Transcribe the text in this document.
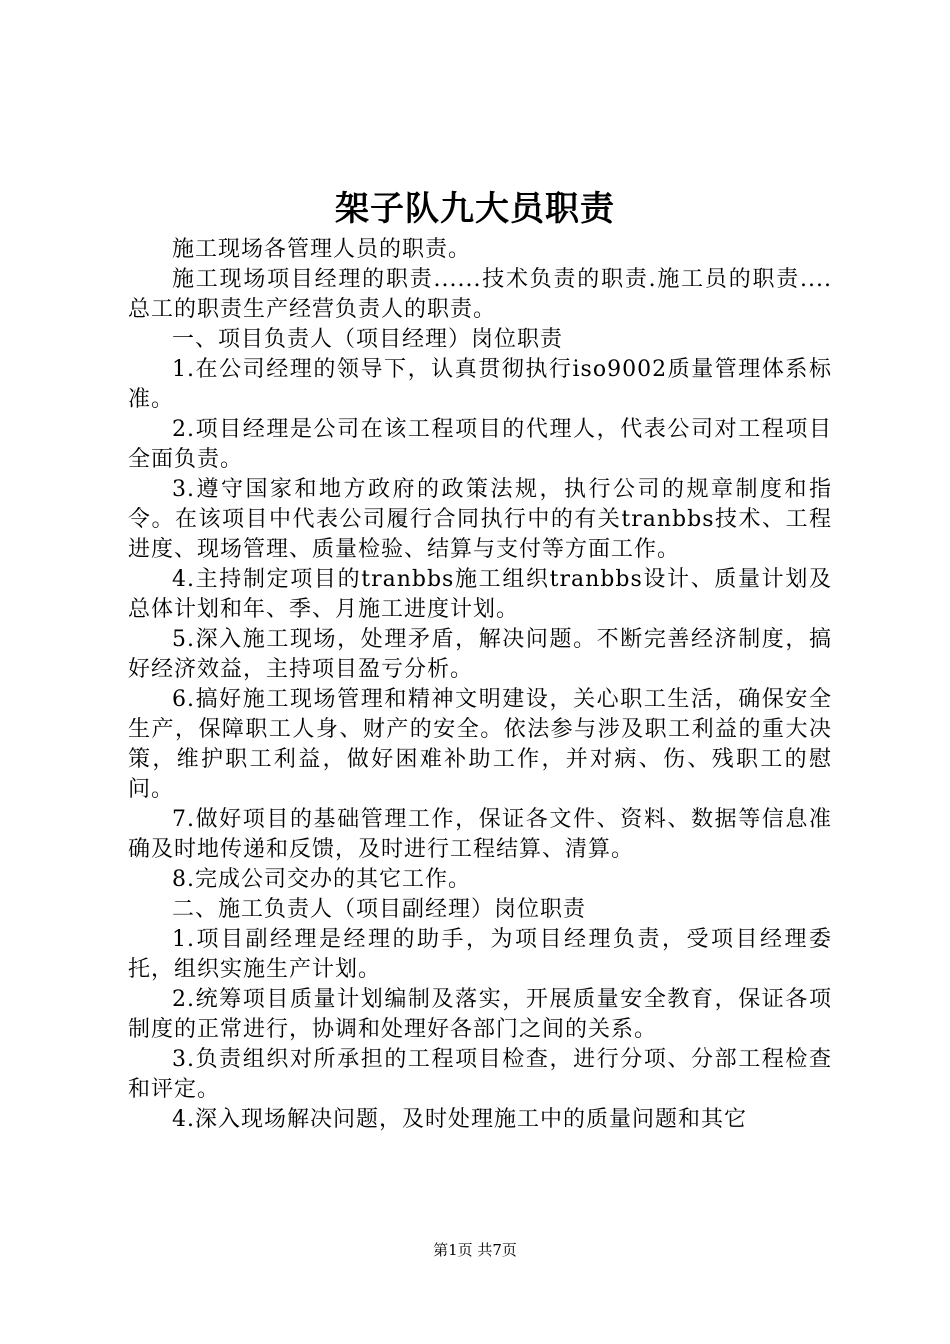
架子队九大员职责

施工现场各管理人员的职责。

施工现场项目经理的职责......技术负责的职责.施工员的职责....总工的职责生产经营负责人的职责。

一、项目负责人（项目经理）岗位职责

1.在公司经理的领导下，认真贯彻执行iso9002质量管理体系标准。

2.项目经理是公司在该工程项目的代理人，代表公司对工程项目全面负责。

3.遵守国家和地方政府的政策法规，执行公司的规章制度和指令。在该项目中代表公司履行合同执行中的有关tranbbs技术、工程进度、现场管理、质量检验、结算与支付等方面工作。

4.主持制定项目的tranbbs施工组织tranbbs设计、质量计划及总体计划和年、季、月施工进度计划。

5.深入施工现场，处理矛盾，解决问题。不断完善经济制度，搞好经济效益，主持项目盈亏分析。

6.搞好施工现场管理和精神文明建设，关心职工生活，确保安全生产，保障职工人身、财产的安全。依法参与涉及职工利益的重大决策，维护职工利益，做好困难补助工作，并对病、伤、残职工的慰问。

7.做好项目的基础管理工作，保证各文件、资料、数据等信息准确及时地传递和反馈，及时进行工程结算、清算。

8.完成公司交办的其它工作。

二、施工负责人（项目副经理）岗位职责

1.项目副经理是经理的助手，为项目经理负责，受项目经理委托，组织实施生产计划。

2.统筹项目质量计划编制及落实，开展质量安全教育，保证各项制度的正常进行，协调和处理好各部门之间的关系。

3.负责组织对所承担的工程项目检查，进行分项、分部工程检查和评定。

4.深入现场解决问题，及时处理施工中的质量问题和其它

第1页 共7页
